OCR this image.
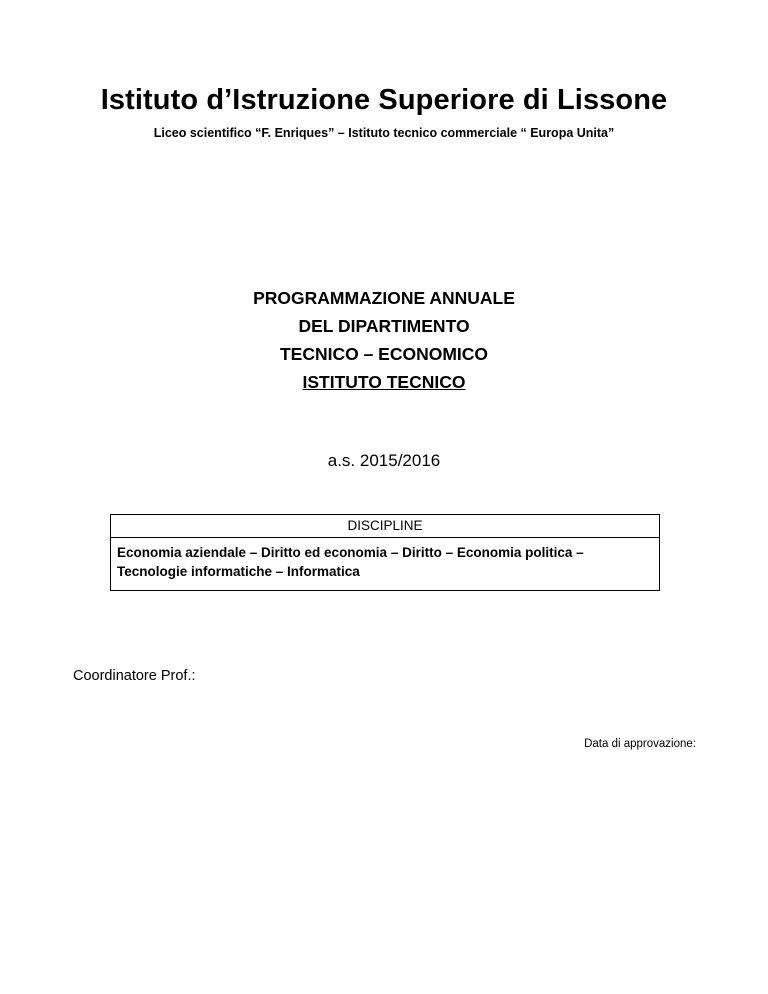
Istituto d’Istruzione Superiore di Lissone
Liceo scientifico “F. Enriques” – Istituto tecnico commerciale “ Europa Unita”
PROGRAMMAZIONE ANNUALE
DEL DIPARTIMENTO
TECNICO – ECONOMICO
ISTITUTO TECNICO
a.s. 2015/2016
DISCIPLINE
Economia aziendale – Diritto ed economia – Diritto – Economia politica – Tecnologie informatiche – Informatica
Coordinatore Prof.:
Data di approvazione:
